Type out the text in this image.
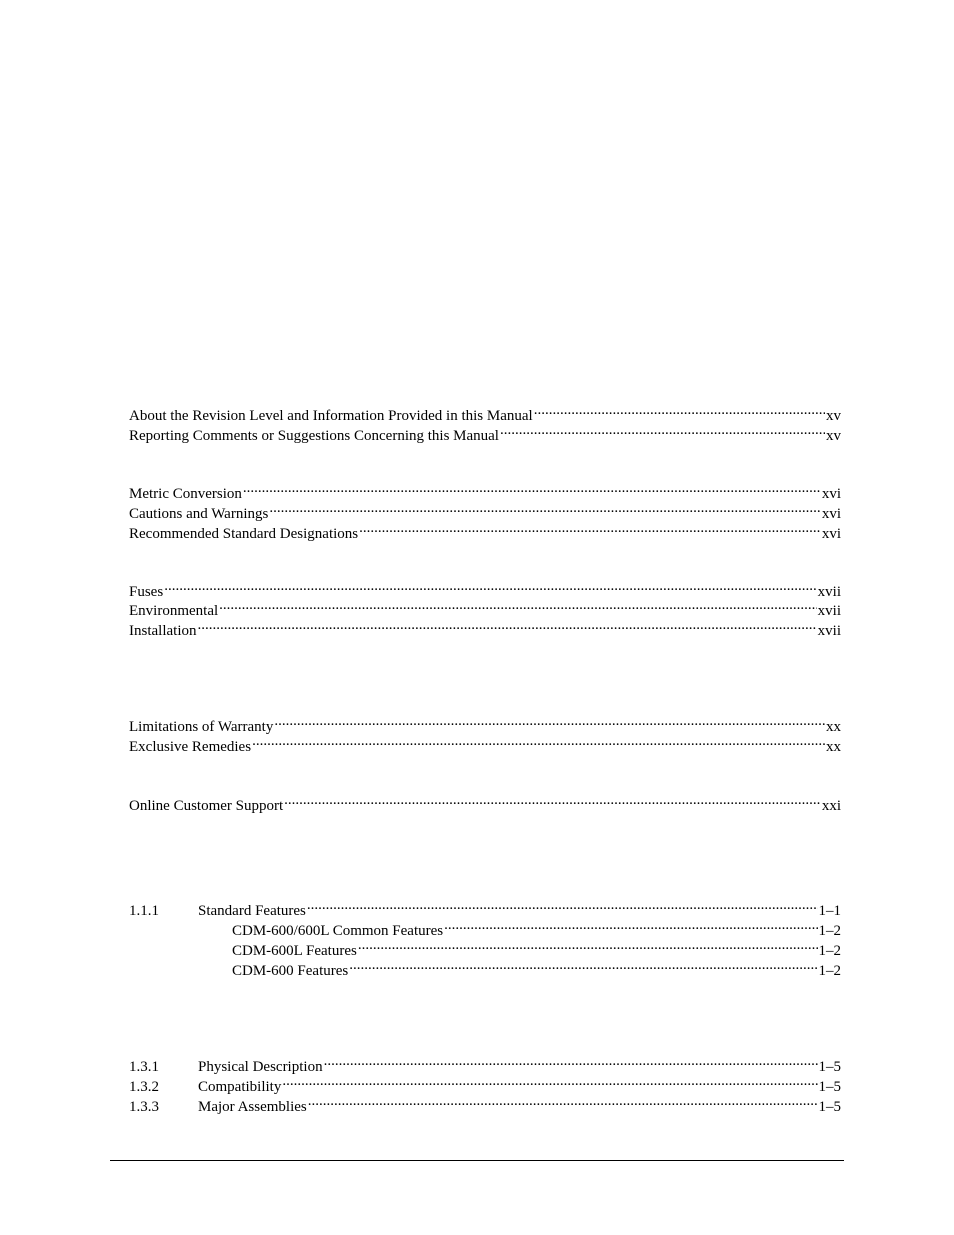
About the Revision Level and Information Provided in this Manual .....	xv
Reporting Comments or Suggestions Concerning this Manual .....	xv
Metric Conversion .....	xvi
Cautions and Warnings .....	xvi
Recommended Standard Designations .....	xvi
Fuses .....	xvii
Environmental .....	xvii
Installation .....	xvii
Limitations of Warranty .....	xx
Exclusive Remedies .....	xx
Online Customer Support .....	xxi
1.1.1	Standard Features .....	1–1
CDM-600/600L Common Features .....	1–2
CDM-600L Features .....	1–2
CDM-600 Features .....	1–2
1.3.1	Physical Description .....	1–5
1.3.2	Compatibility .....	1–5
1.3.3	Major Assemblies .....	1–5
